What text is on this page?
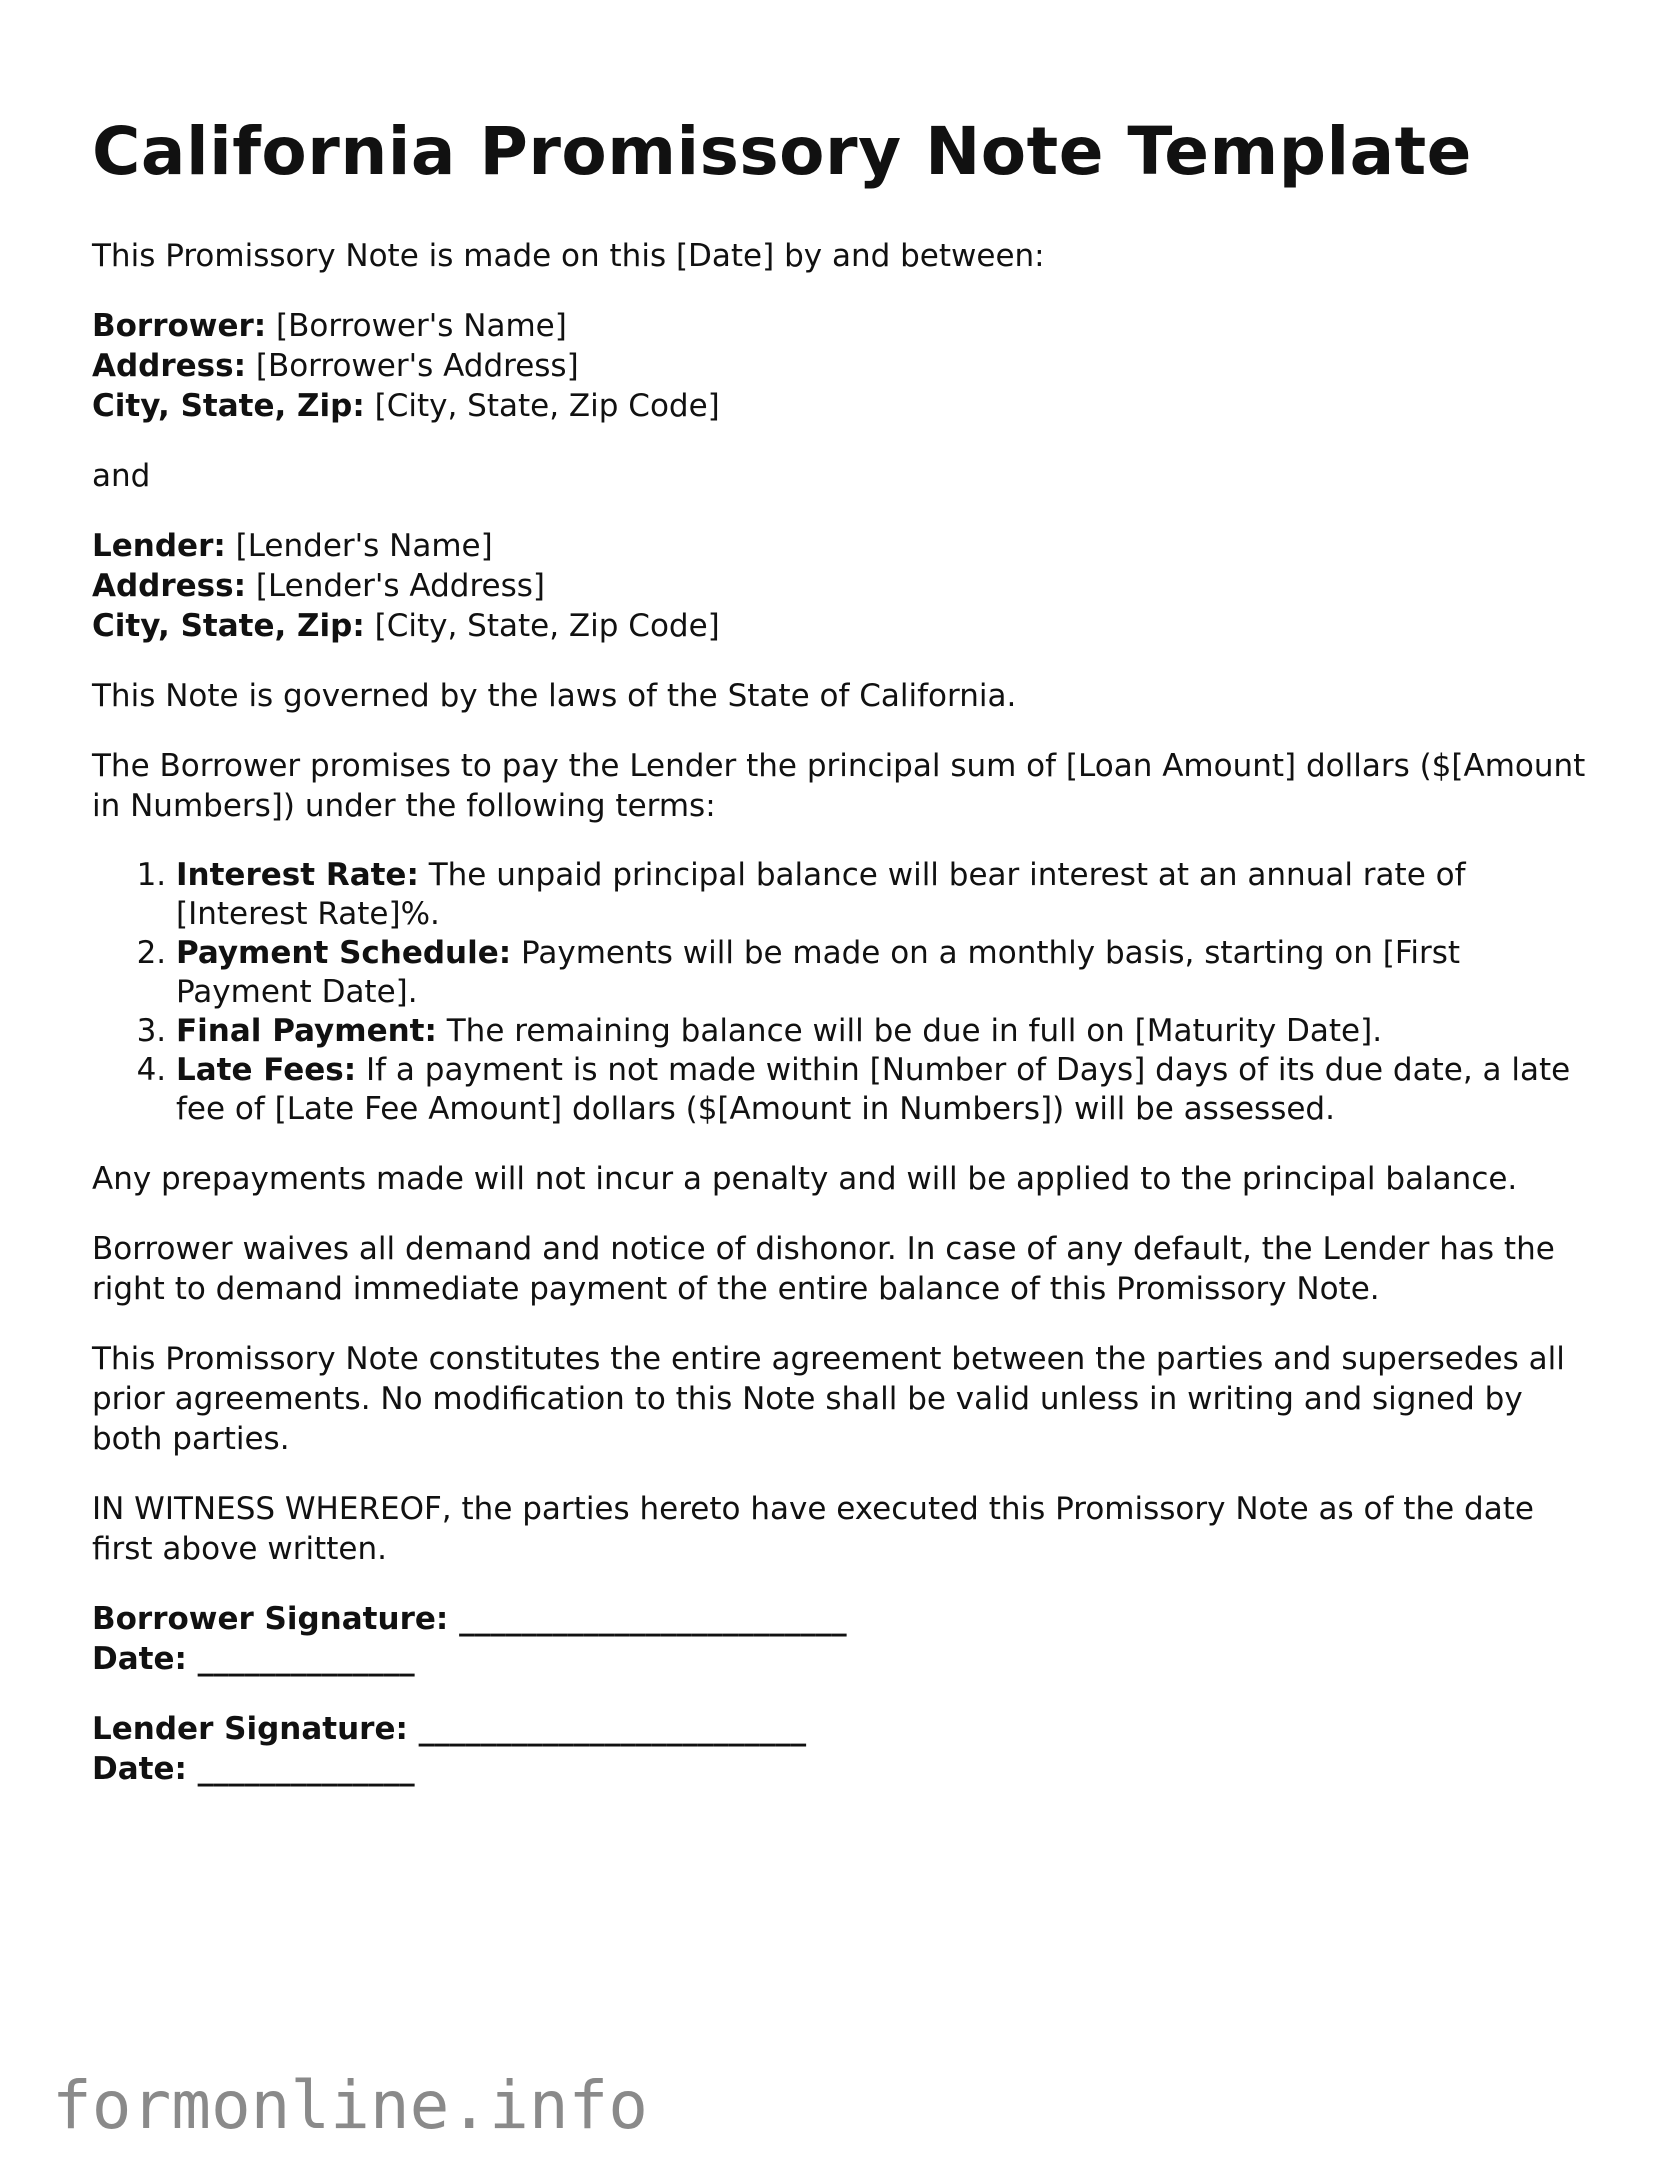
California Promissory Note Template

This Promissory Note is made on this [Date] by and between:

Borrower: [Borrower's Name]
Address: [Borrower's Address]
City, State, Zip: [City, State, Zip Code]

and

Lender: [Lender's Name]
Address: [Lender's Address]
City, State, Zip: [City, State, Zip Code]

This Note is governed by the laws of the State of California.

The Borrower promises to pay the Lender the principal sum of [Loan Amount] dollars ($[Amount in Numbers]) under the following terms:

1. Interest Rate: The unpaid principal balance will bear interest at an annual rate of [Interest Rate]%.
2. Payment Schedule: Payments will be made on a monthly basis, starting on [First Payment Date].
3. Final Payment: The remaining balance will be due in full on [Maturity Date].
4. Late Fees: If a payment is not made within [Number of Days] days of its due date, a late fee of [Late Fee Amount] dollars ($[Amount in Numbers]) will be assessed.

Any prepayments made will not incur a penalty and will be applied to the principal balance.

Borrower waives all demand and notice of dishonor. In case of any default, the Lender has the right to demand immediate payment of the entire balance of this Promissory Note.

This Promissory Note constitutes the entire agreement between the parties and supersedes all prior agreements. No modification to this Note shall be valid unless in writing and signed by both parties.

IN WITNESS WHEREOF, the parties hereto have executed this Promissory Note as of the date first above written.

Borrower Signature: _________________________
Date: ______________
Lender Signature: _________________________
Date: ______________
formonline.info
